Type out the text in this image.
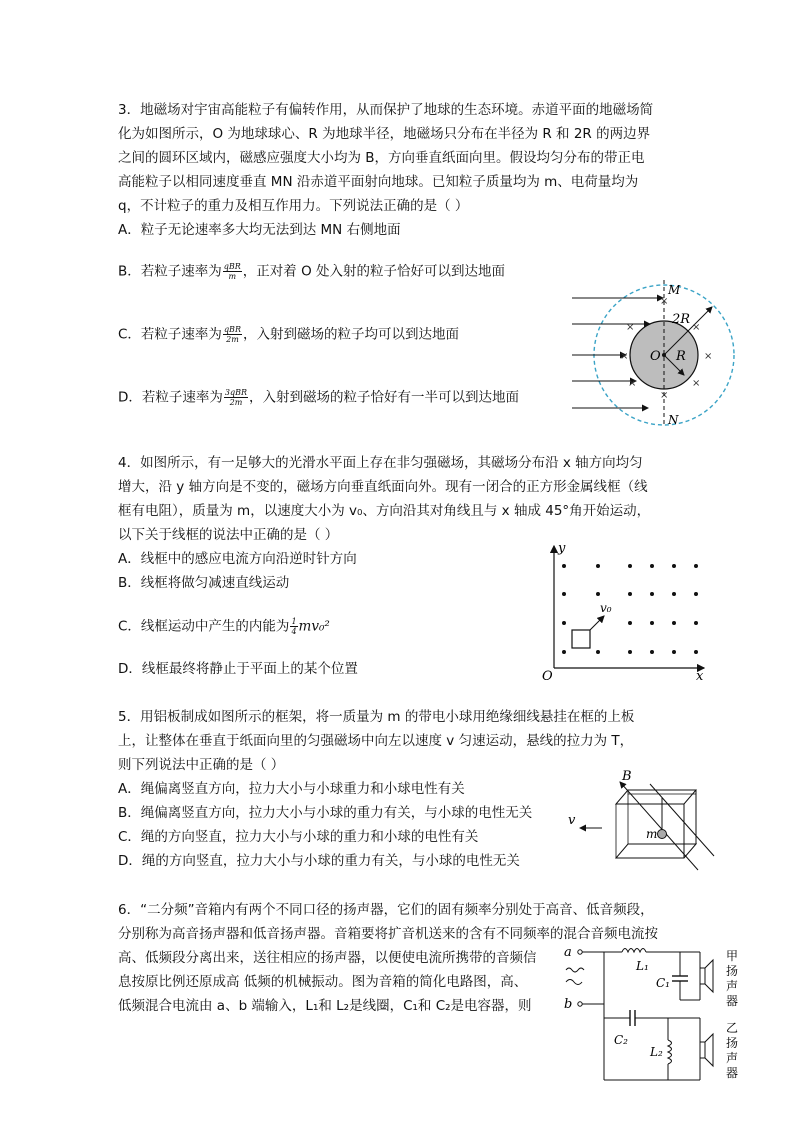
3．地磁场对宇宙高能粒子有偏转作用，从而保护了地球的生态环境。赤道平面的地磁场简
化为如图所示，O 为地球球心、R 为地球半径，地磁场只分布在半径为 R 和 2R 的两边界
之间的圆环区域内，磁感应强度大小均为 B，方向垂直纸面向里。假设均匀分布的带正电
高能粒子以相同速度垂直 MN 沿赤道平面射向地球。已知粒子质量均为 m、电荷量均为
q，不计粒子的重力及相互作用力。下列说法正确的是（ ）
A．粒子无论速率多大均无法到达 MN 右侧地面
B．若粒子速率为 $\frac{\text{qBR}}{m}$ ，正对着 O 处入射的粒子恰好可以到达地面
C．若粒子速率为 $\frac{\text{qBR}}{2m}$ ，入射到磁场的粒子均可以到达地面
D．若粒子速率为 $\frac{\text{3qBR}}{2m}$ ，入射到磁场的粒子恰好有一半可以到达地面
O R
2R
M
N
×
×	×
×	×
×	×
×
4．如图所示，有一足够大的光滑水平面上存在非匀强磁场，其磁场分布沿 x 轴方向均匀
增大，沿 y 轴方向是不变的，磁场方向垂直纸面向外。现有一闭合的正方形金属线框（线
框有电阻），质量为 m，以速度大小为 v₀、方向沿其对角线且与 x 轴成 45°角开始运动，
以下关于线框的说法中正确的是（ ）
A．线框中的感应电流方向沿逆时针方向
B．线框将做匀减速直线运动
C．线框运动中产生的内能为 $\frac{1}{4} mv_0^2$
D．线框最终将静止于平面上的某个位置
y
x
O
v₀
5．用铝板制成如图所示的框架，将一质量为 m 的带电小球用绝缘细线悬挂在框的上板
上，让整体在垂直于纸面向里的匀强磁场中向左以速度 v 匀速运动，悬线的拉力为 T，
则下列说法中正确的是（ ）
A．绳偏离竖直方向，拉力大小与小球重力和小球电性有关
B．绳偏离竖直方向，拉力大小与小球的重力有关，与小球的电性无关
C．绳的方向竖直，拉力大小与小球的重力和小球的电性有关
D．绳的方向竖直，拉力大小与小球的重力有关，与小球的电性无关
B
m
v
6．“二分频”音箱内有两个不同口径的扬声器，它们的固有频率分别处于高音、低音频段，
分别称为高音扬声器和低音扬声器。音箱要将扩音机送来的含有不同频率的混合音频电流按
高、低频段分离出来，送往相应的扬声器，以便使电流所携带的音频信
息按原比例还原成高 低频的机械振动。图为音箱的简化电路图，高、
低频混合电流由 a、b 端输入，L₁和 L₂是线圈，C₁和 C₂是电容器，则
a
b
L₁
C₁
C₂
L₂
甲扬声器
乙扬声器
